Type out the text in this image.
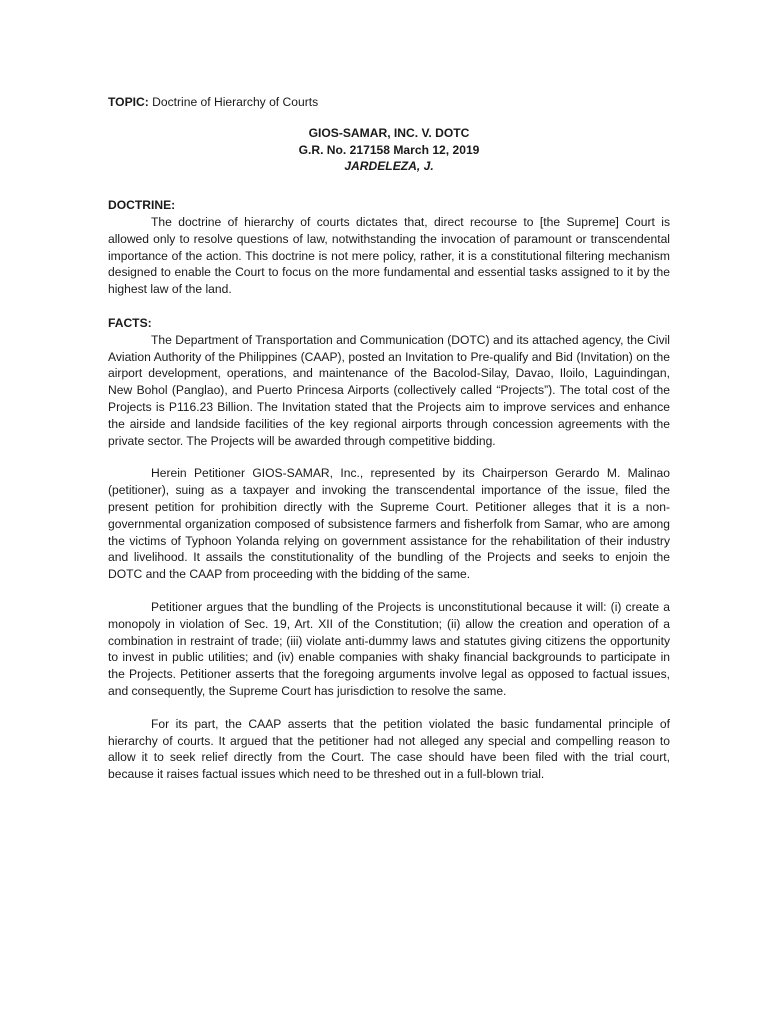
TOPIC: Doctrine of Hierarchy of Courts
GIOS-SAMAR, INC. V. DOTC
G.R. No. 217158 March 12, 2019
JARDELEZA, J.
DOCTRINE:

The doctrine of hierarchy of courts dictates that, direct recourse to [the Supreme] Court is allowed only to resolve questions of law, notwithstanding the invocation of paramount or transcendental importance of the action. This doctrine is not mere policy, rather, it is a constitutional filtering mechanism designed to enable the Court to focus on the more fundamental and essential tasks assigned to it by the highest law of the land.

FACTS:

The Department of Transportation and Communication (DOTC) and its attached agency, the Civil Aviation Authority of the Philippines (CAAP), posted an Invitation to Pre-qualify and Bid (Invitation) on the airport development, operations, and maintenance of the Bacolod-Silay, Davao, Iloilo, Laguindingan, New Bohol (Panglao), and Puerto Princesa Airports (collectively called “Projects”). The total cost of the Projects is P116.23 Billion. The Invitation stated that the Projects aim to improve services and enhance the airside and landside facilities of the key regional airports through concession agreements with the private sector. The Projects will be awarded through competitive bidding.

Herein Petitioner GIOS-SAMAR, Inc., represented by its Chairperson Gerardo M. Malinao (petitioner), suing as a taxpayer and invoking the transcendental importance of the issue, filed the present petition for prohibition directly with the Supreme Court. Petitioner alleges that it is a non-governmental organization composed of subsistence farmers and fisherfolk from Samar, who are among the victims of Typhoon Yolanda relying on government assistance for the rehabilitation of their industry and livelihood. It assails the constitutionality of the bundling of the Projects and seeks to enjoin the DOTC and the CAAP from proceeding with the bidding of the same.

Petitioner argues that the bundling of the Projects is unconstitutional because it will: (i) create a monopoly in violation of Sec. 19, Art. XII of the Constitution; (ii) allow the creation and operation of a combination in restraint of trade; (iii) violate anti-dummy laws and statutes giving citizens the opportunity to invest in public utilities; and (iv) enable companies with shaky financial backgrounds to participate in the Projects. Petitioner asserts that the foregoing arguments involve legal as opposed to factual issues, and consequently, the Supreme Court has jurisdiction to resolve the same.

For its part, the CAAP asserts that the petition violated the basic fundamental principle of hierarchy of courts. It argued that the petitioner had not alleged any special and compelling reason to allow it to seek relief directly from the Court. The case should have been filed with the trial court, because it raises factual issues which need to be threshed out in a full-blown trial.
